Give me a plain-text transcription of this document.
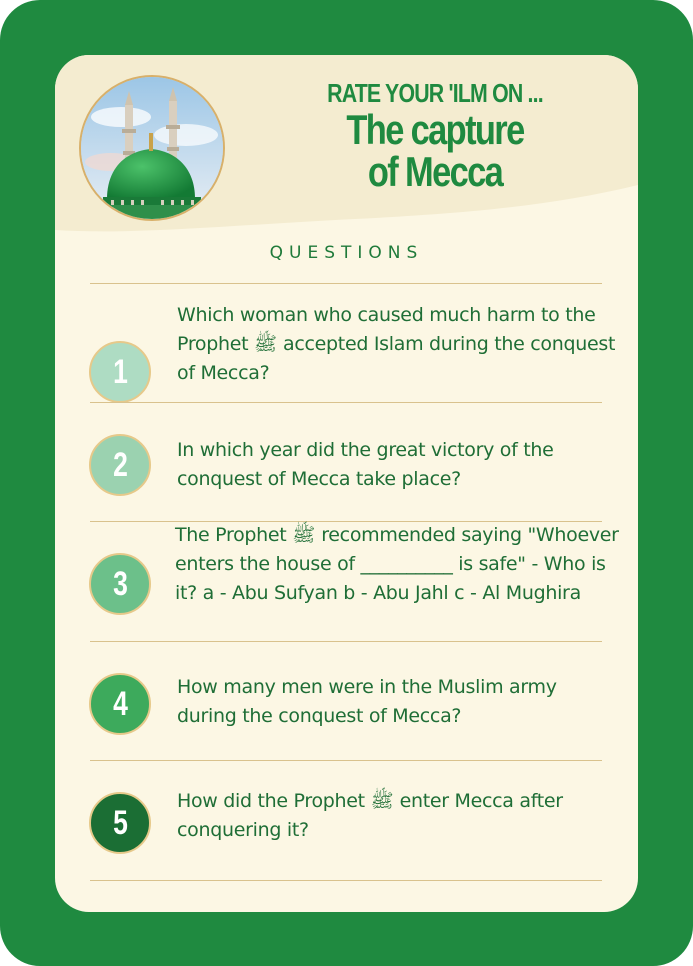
RATE YOUR 'ILM ON ...
The capture
of Mecca
QUESTIONS
1
Which woman who caused much harm to the Prophet ﷺ accepted Islam during the conquest of Mecca?
2	In which year did the great victory of the conquest of Mecca take place?
3
The Prophet ﷺ recommended saying "Whoever enters the house of __________ is safe" - Who is it? a - Abu Sufyan b - Abu Jahl c - Al Mughira
4	How many men were in the Muslim army during the conquest of Mecca?
5
How did the Prophet ﷺ enter Mecca after conquering it?
